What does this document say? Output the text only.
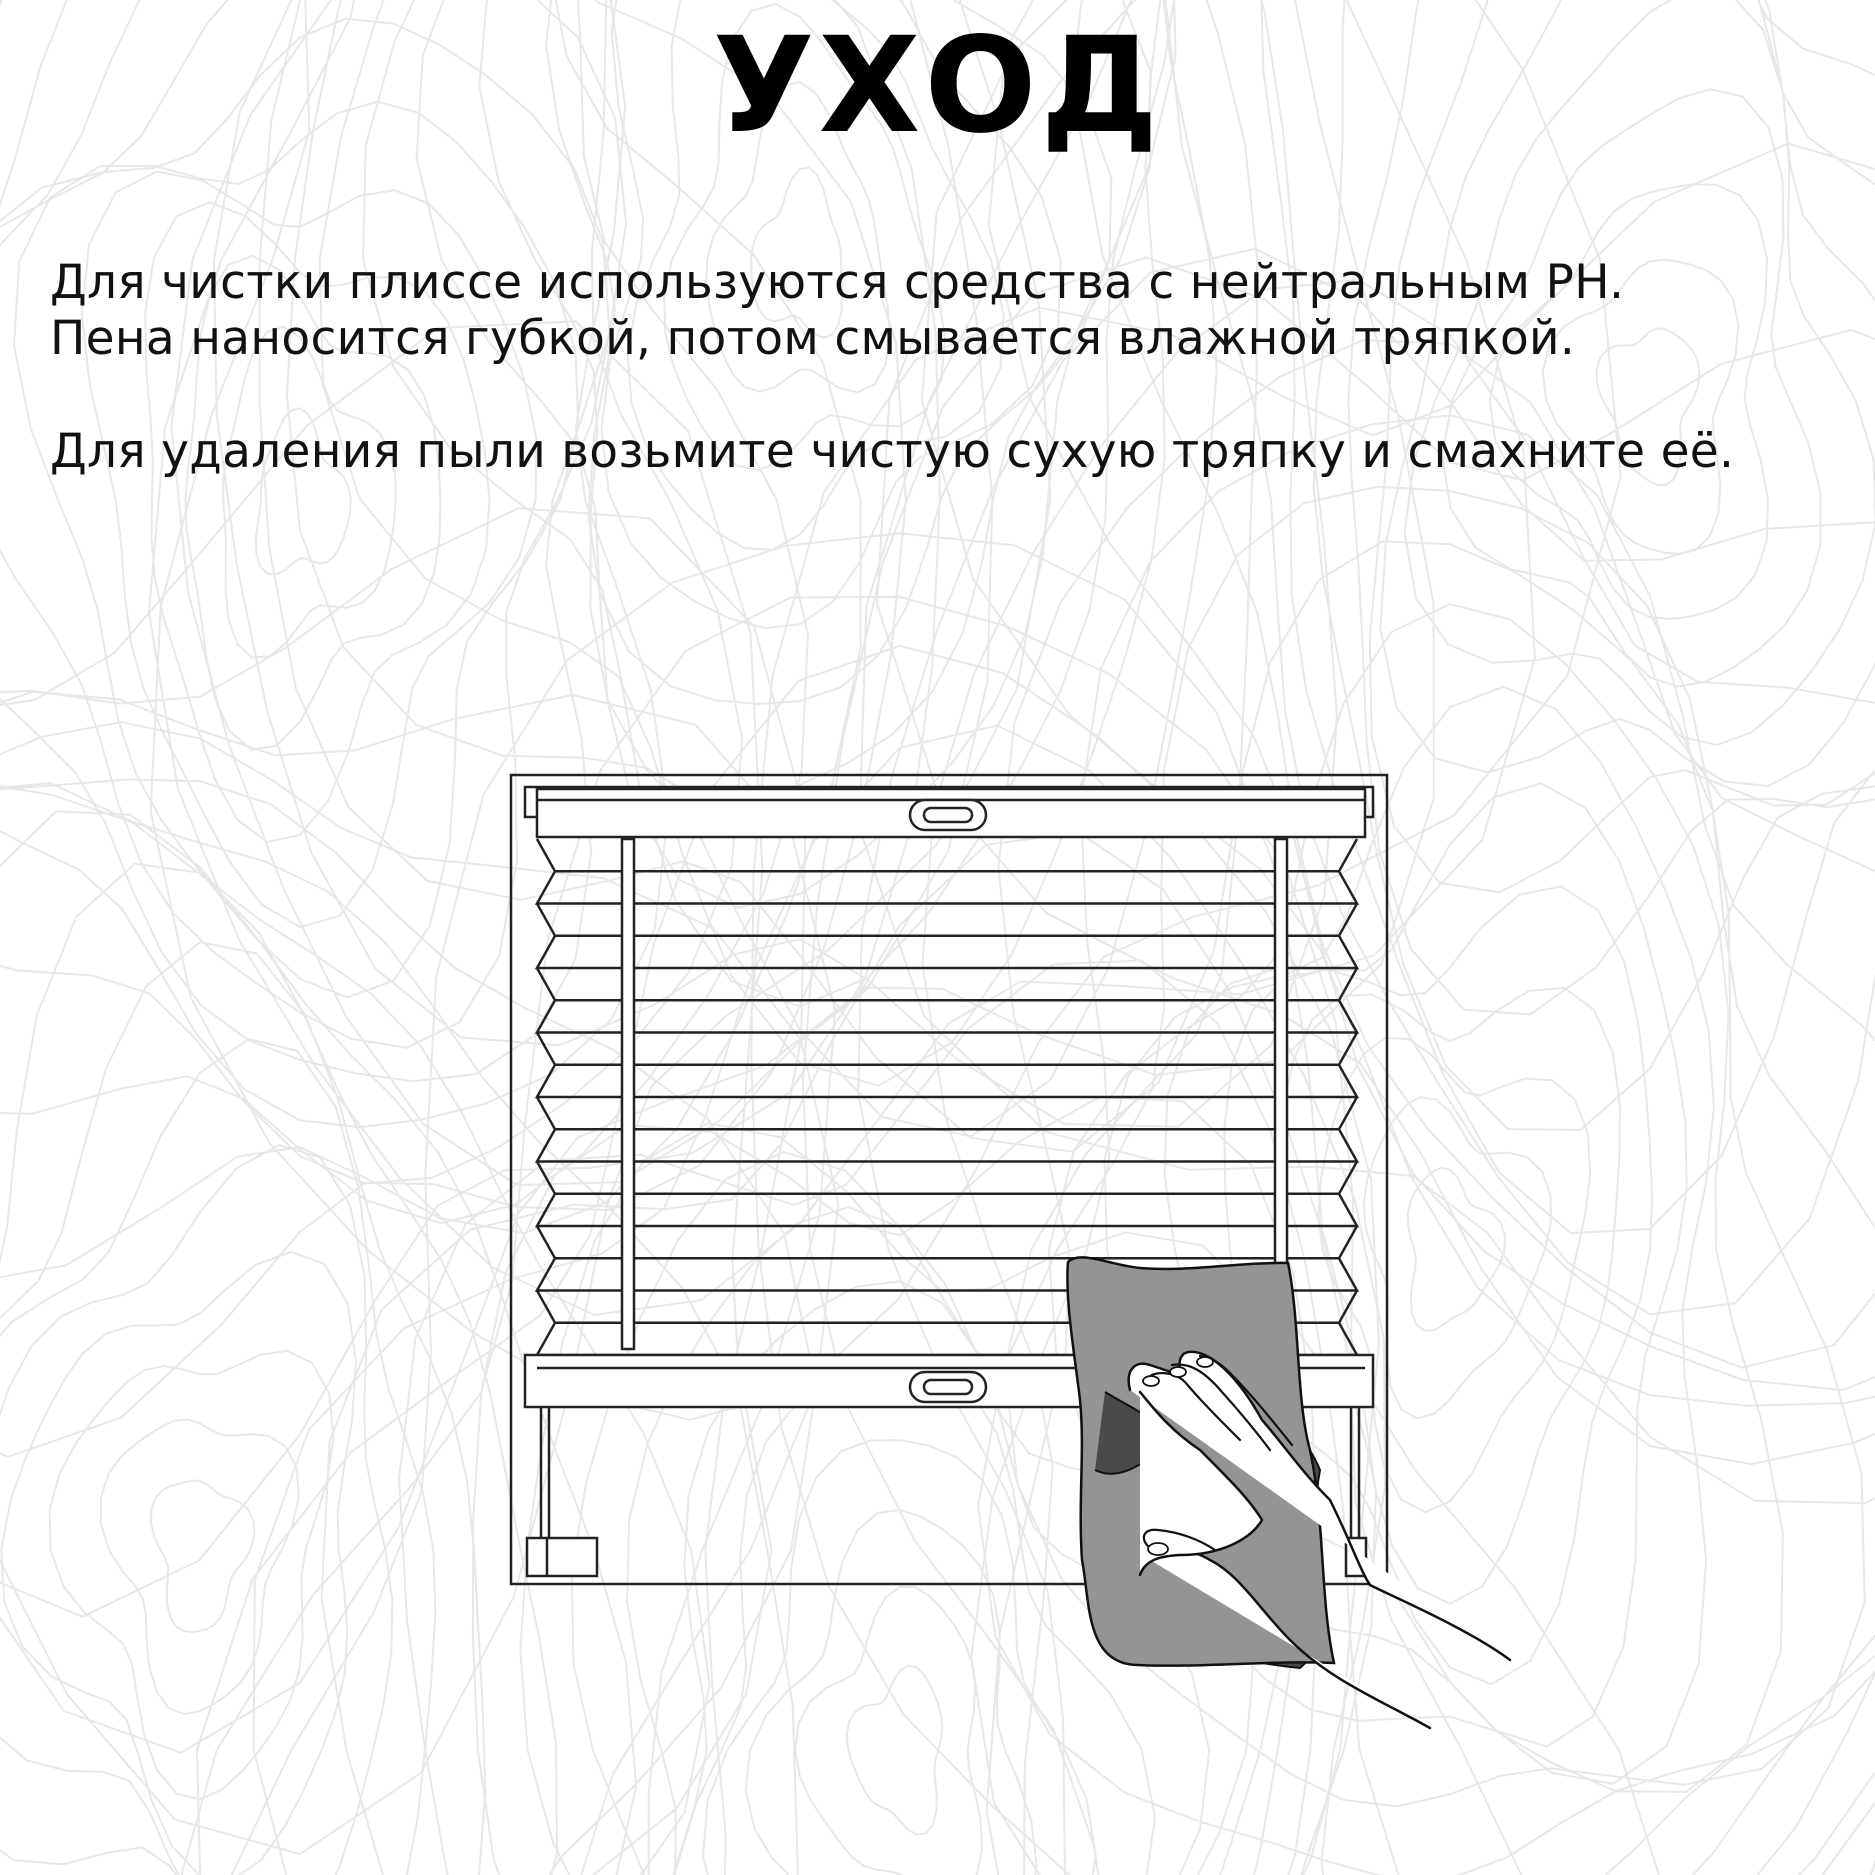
УХОД
Для чистки плиссе используются средства с нейтральным PH.
Пена наносится губкой, потом смывается влажной тряпкой.
Для удаления пыли возьмите чистую сухую тряпку и смахните её.
